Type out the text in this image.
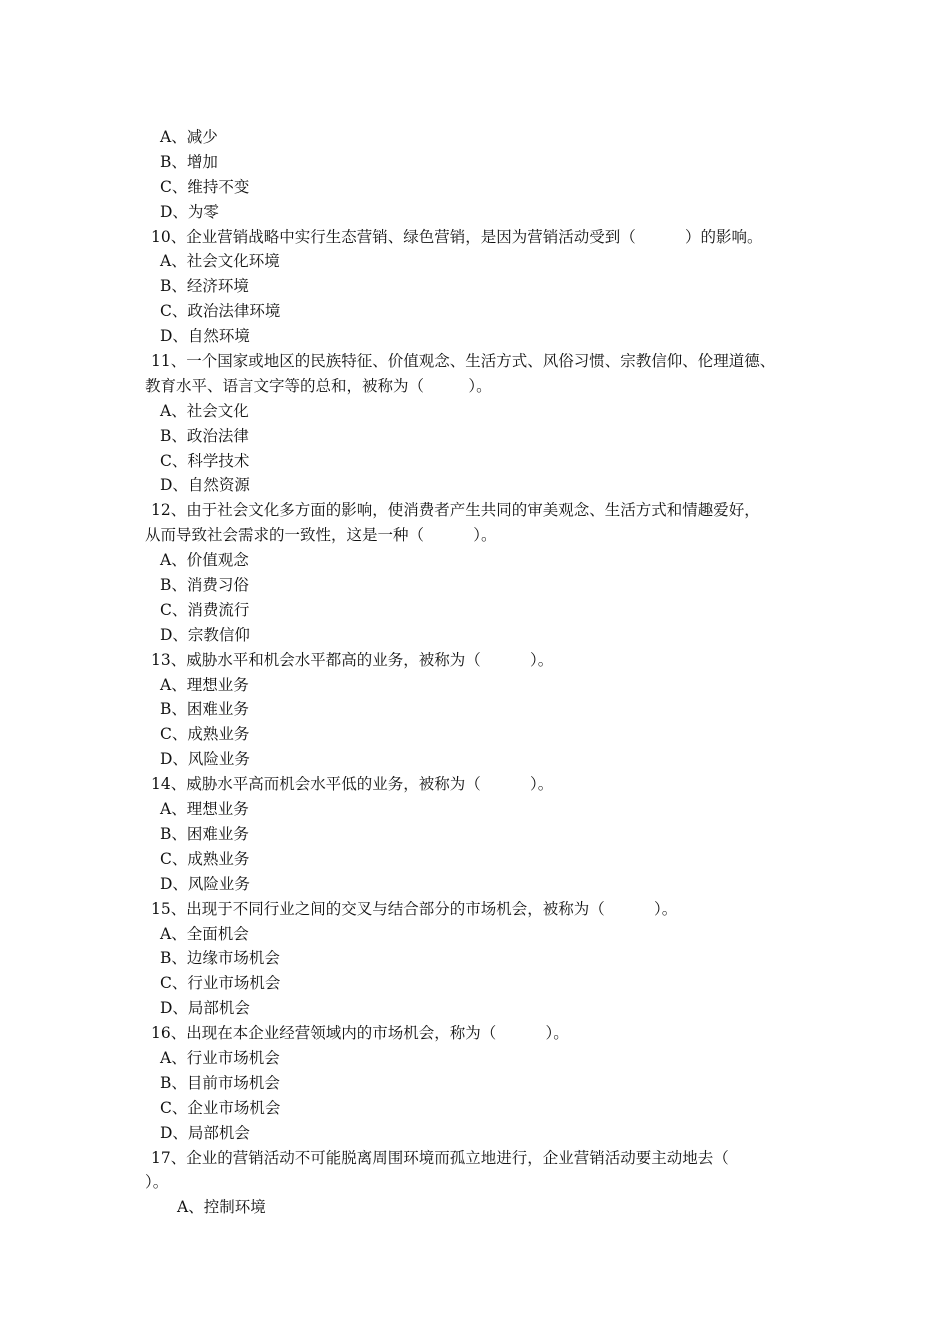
A、减少
B、增加
C、维持不变
D、为零
10、企业营销战略中实行生态营销、绿色营销，是因为营销活动受到（          ）的影响。
A、社会文化环境
B、经济环境
C、政治法律环境
D、自然环境
11、一个国家或地区的民族特征、价值观念、生活方式、风俗习惯、宗教信仰、伦理道德、
教育水平、语言文字等的总和，被称为（         ）。
A、社会文化
B、政治法律
C、科学技术
D、自然资源
12、由于社会文化多方面的影响，使消费者产生共同的审美观念、生活方式和情趣爱好，
从而导致社会需求的一致性，这是一种（          ）。
A、价值观念
B、消费习俗
C、消费流行
D、宗教信仰
13、威胁水平和机会水平都高的业务，被称为（          ）。
A、理想业务
B、困难业务
C、成熟业务
D、风险业务
14、威胁水平高而机会水平低的业务，被称为（          ）。
A、理想业务
B、困难业务
C、成熟业务
D、风险业务
15、出现于不同行业之间的交叉与结合部分的市场机会，被称为（          ）。
A、全面机会
B、边缘市场机会
C、行业市场机会
D、局部机会
16、出现在本企业经营领域内的市场机会，称为（          ）。
A、行业市场机会
B、目前市场机会
C、企业市场机会
D、局部机会
17、企业的营销活动不可能脱离周围环境而孤立地进行，企业营销活动要主动地去（
）。
A、控制环境
